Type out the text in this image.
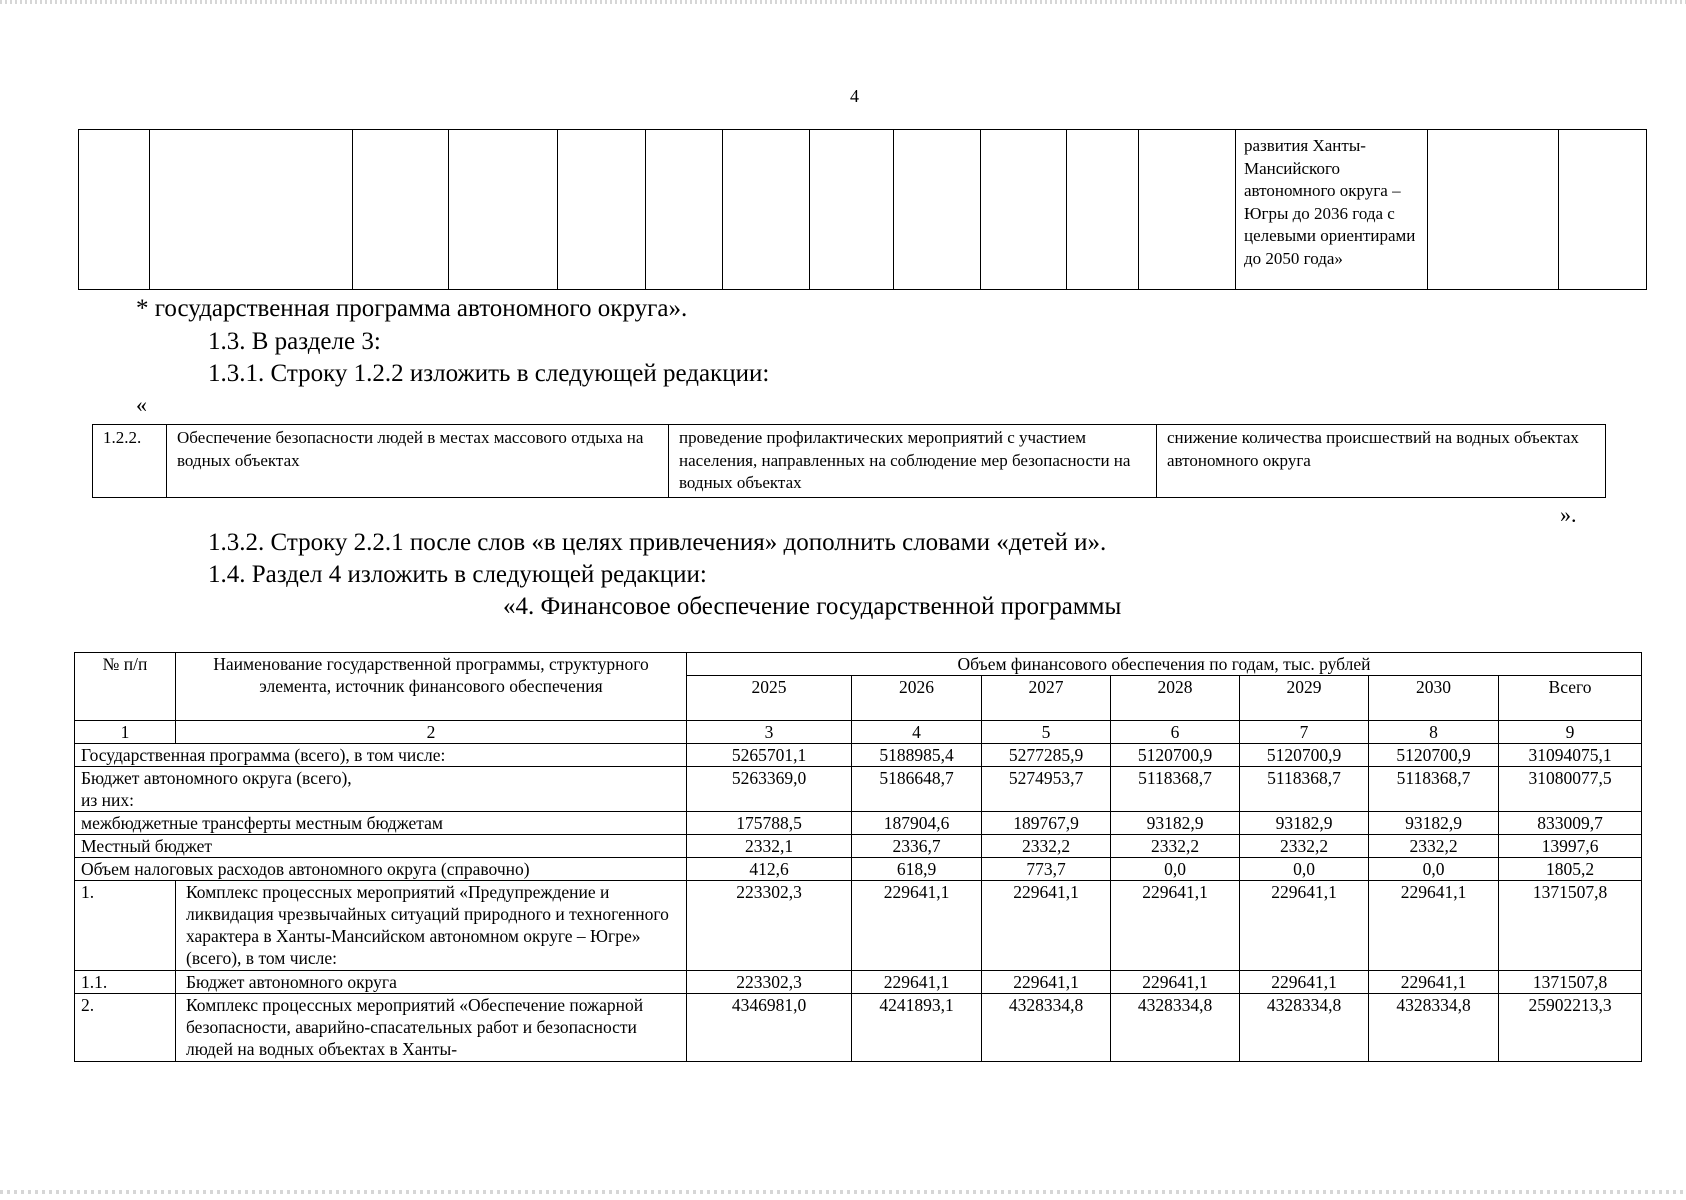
4

развития Ханты-Мансийского автономного округа – Югры до 2036 года с целевыми ориентирами до 2050 года»

* государственная программа автономного округа».
1.3. В разделе 3:
1.3.1. Строку 1.2.2 изложить в следующей редакции:
«
1.2.2.	Обеспечение безопасности людей в местах массового отдыха на водных объектах	проведение профилактических мероприятий с участием населения, направленных на соблюдение мер безопасности на водных объектах	снижение количества происшествий на водных объектах автономного округа
».
1.3.2. Строку 2.2.1 после слов «в целях привлечения» дополнить словами «детей и».
1.4. Раздел 4 изложить в следующей редакции:
«4. Финансовое обеспечение государственной программы
№ п/п	Наименование государственной программы, структурного элемента, источник финансового обеспечения	Объем финансового обеспечения по годам, тыс. рублей						
		2025	2026	2027	2028	2029	2030	Всего
1	2	3	4	5	6	7	8	9
Государственная программа (всего), в том числе:		5265701,1	5188985,4	5277285,9	5120700,9	5120700,9	5120700,9	31094075,1
Бюджет автономного округа (всего),
из них:		5263369,0	5186648,7	5274953,7	5118368,7	5118368,7	5118368,7	31080077,5
межбюджетные трансферты местным бюджетам		175788,5	187904,6	189767,9	93182,9	93182,9	93182,9	833009,7
Местный бюджет		2332,1	2336,7	2332,2	2332,2	2332,2	2332,2	13997,6
Объем налоговых расходов автономного округа (справочно)		412,6	618,9	773,7	0,0	0,0	0,0	1805,2
1.	Комплекс процессных мероприятий «Предупреждение и ликвидация чрезвычайных ситуаций природного и техногенного характера в Ханты-Мансийском автономном округе – Югре» (всего), в том числе:	223302,3	229641,1	229641,1	229641,1	229641,1	229641,1	1371507,8
1.1.	Бюджет автономного округа	223302,3	229641,1	229641,1	229641,1	229641,1	229641,1	1371507,8
2.	Комплекс процессных мероприятий «Обеспечение пожарной безопасности, аварийно-спасательных работ и безопасности людей на водных объектах в Ханты-	4346981,0	4241893,1	4328334,8	4328334,8	4328334,8	4328334,8	25902213,3
